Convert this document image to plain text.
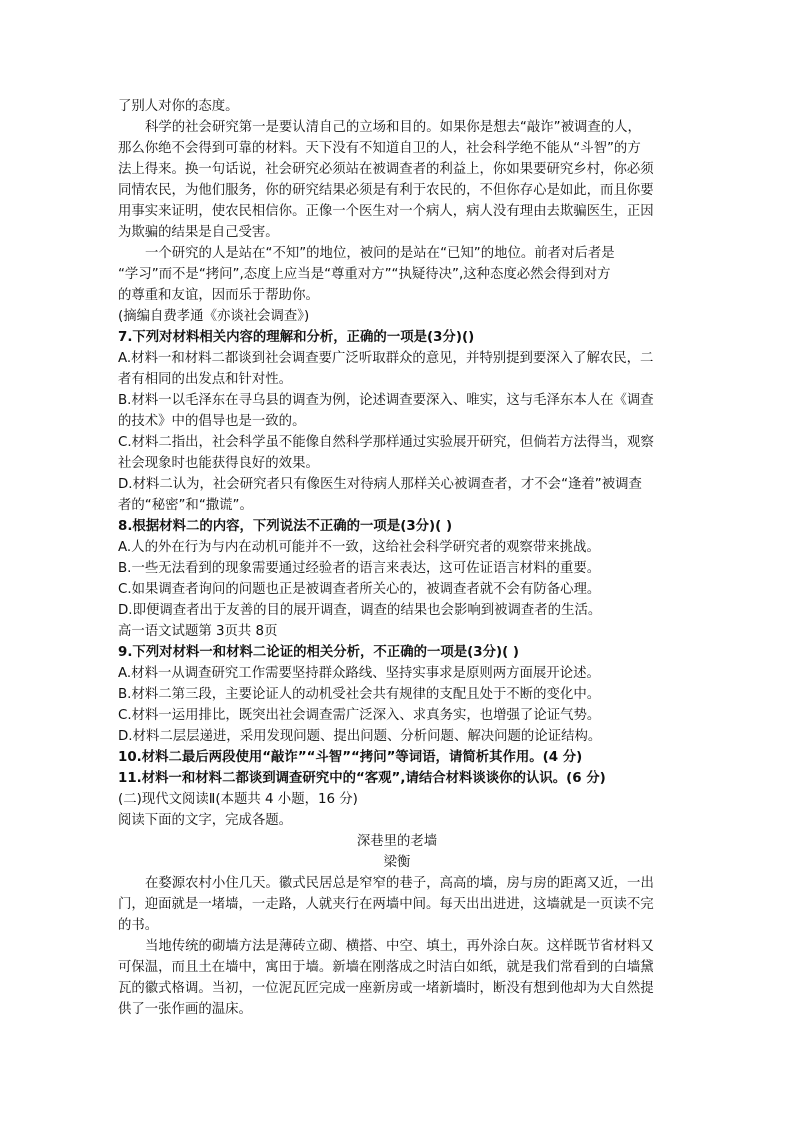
了别人对你的态度。
科学的社会研究第一是要认清自己的立场和目的。如果你是想去“敲诈”被调查的人，
那么你绝不会得到可靠的材料。天下没有不知道自卫的人，社会科学绝不能从“斗智”的方
法上得来。换一句话说，社会研究必须站在被调查者的利益上，你如果要研究乡村，你必须
同情农民，为他们服务，你的研究结果必须是有利于农民的，不但你存心是如此，而且你要
用事实来证明，使农民相信你。正像一个医生对一个病人，病人没有理由去欺骗医生，正因
为欺骗的结果是自己受害。
一个研究的人是站在“不知”的地位，被问的是站在“已知”的地位。前者对后者是
“学习”而不是“拷问”,态度上应当是“尊重对方”“执疑待决”,这种态度必然会得到对方
的尊重和友谊，因而乐于帮助你。
(摘编自费孝通《亦谈社会调查》)
7.下列对材料相关内容的理解和分析，正确的一项是(3分)()
A.材料一和材料二都谈到社会调查要广泛听取群众的意见，并特别提到要深入了解农民，二
者有相同的出发点和针对性。
B.材料一以毛泽东在寻乌县的调查为例，论述调查要深入、唯实，这与毛泽东本人在《调查
的技术》中的倡导也是一致的。
C.材料二指出，社会科学虽不能像自然科学那样通过实验展开研究，但倘若方法得当，观察
社会现象时也能获得良好的效果。
D.材料二认为，社会研究者只有像医生对待病人那样关心被调查者，才不会“逢着”被调查
者的“秘密”和“撒谎”。
8.根据材料二的内容，下列说法不正确的一项是(3分)( )
A.人的外在行为与内在动机可能并不一致，这给社会科学研究者的观察带来挑战。
B.一些无法看到的现象需要通过经验者的语言来表达，这可佐证语言材料的重要。
C.如果调查者询问的问题也正是被调查者所关心的，被调查者就不会有防备心理。
D.即便调查者出于友善的目的展开调查，调查的结果也会影响到被调查者的生活。
高一语文试题第 3页共 8页
9.下列对材料一和材料二论证的相关分析，不正确的一项是(3分)( )
A.材料一从调查研究工作需要坚持群众路线、坚持实事求是原则两方面展开论述。
B.材料二第三段，主要论证人的动机受社会共有规律的支配且处于不断的变化中。
C.材料一运用排比，既突出社会调查需广泛深入、求真务实，也增强了论证气势。
D.材料二层层递进，采用发现问题、提出问题、分析问题、解决问题的论证结构。
10.材料二最后两段使用“敲诈”“斗智”“拷问”等词语，请简析其作用。(4 分)
11.材料一和材料二都谈到调查研究中的“客观”,请结合材料谈谈你的认识。(6 分)
(二)现代文阅读Ⅱ(本题共 4 小题，16 分)
阅读下面的文字，完成各题。
深巷里的老墙
梁衡
在婺源农村小住几天。徽式民居总是窄窄的巷子，高高的墙，房与房的距离又近，一出
门，迎面就是一堵墙，一走路，人就夹行在两墙中间。每天出出进进，这墙就是一页读不完
的书。
当地传统的砌墙方法是薄砖立砌、横搭、中空、填土，再外涂白灰。这样既节省材料又
可保温，而且土在墙中，寓田于墙。新墙在刚落成之时洁白如纸，就是我们常看到的白墙黛
瓦的徽式格调。当初，一位泥瓦匠完成一座新房或一堵新墙时，断没有想到他却为大自然提
供了一张作画的温床。
